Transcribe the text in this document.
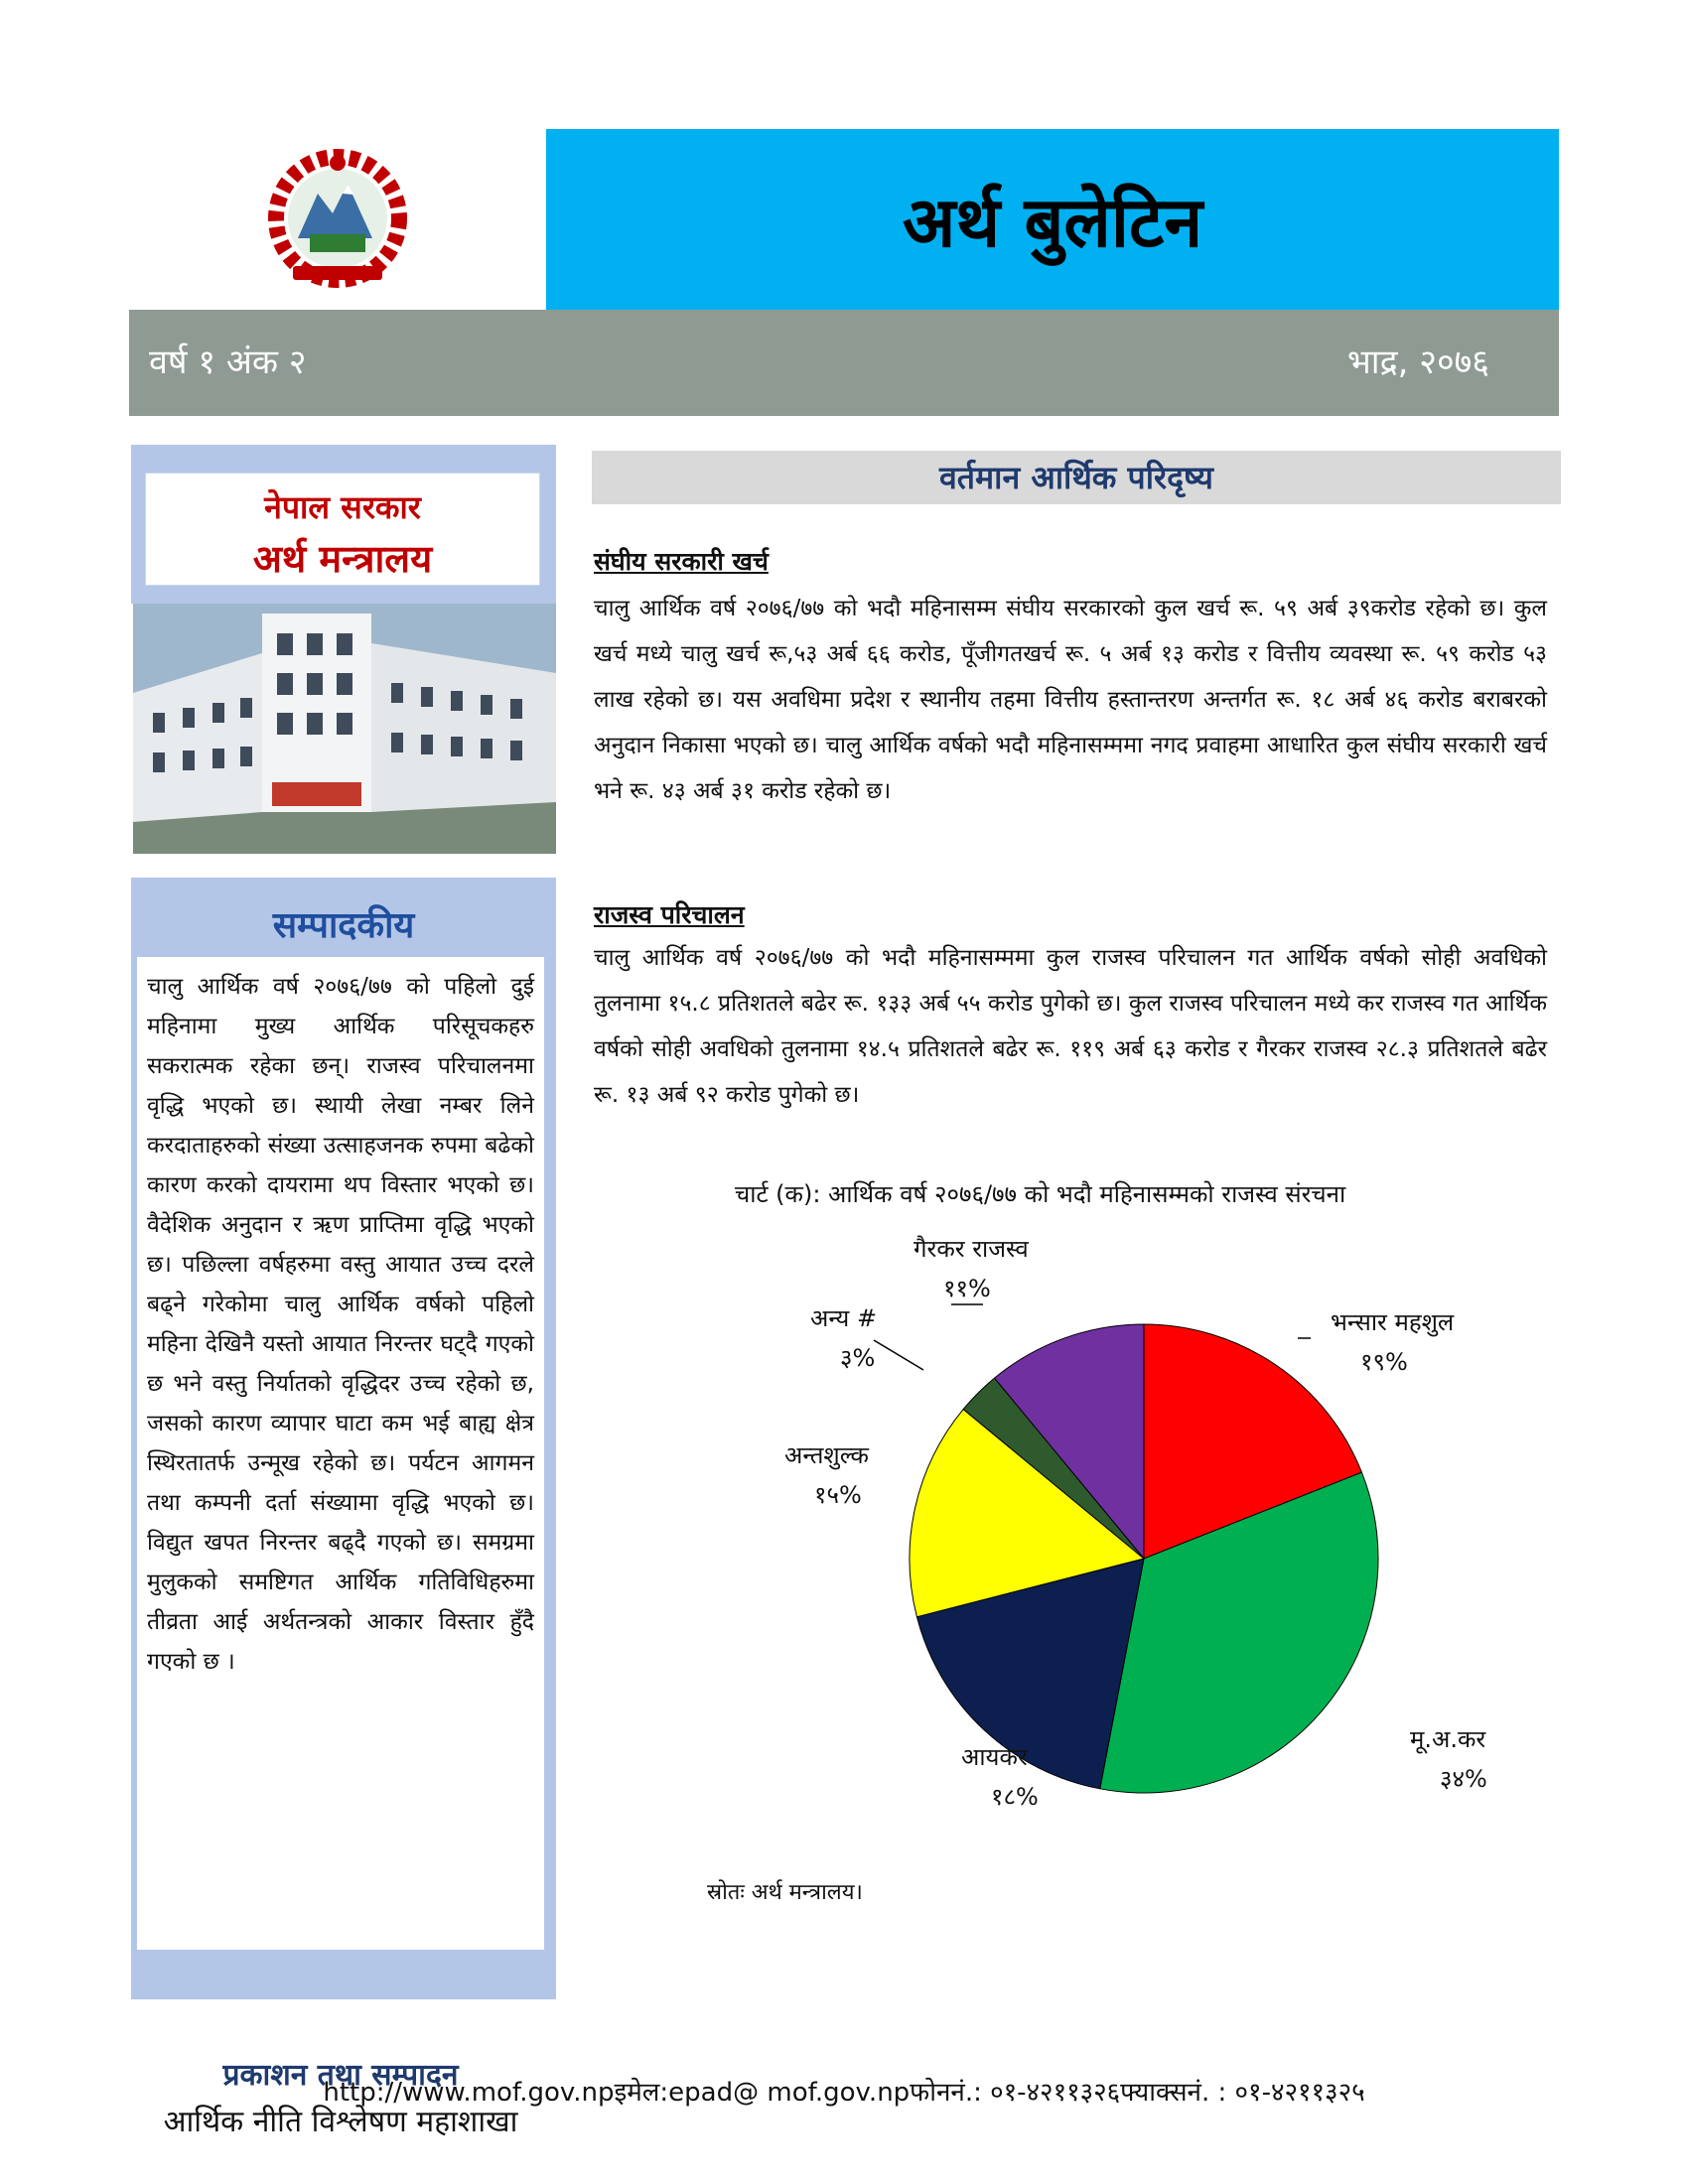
अर्थ बुलेटिन
वर्ष १ अंक २	भाद्र, २०७६
नेपाल सरकार
अर्थ मन्त्रालय
सम्पादकीय

चालु आर्थिक वर्ष २०७६/७७ को पहिलो दुई महिनामा मुख्य आर्थिक परिसूचकहरु सकरात्मक रहेका छन्। राजस्व परिचालनमा वृद्धि भएको छ। स्थायी लेखा नम्बर लिने करदाताहरुको संख्या उत्साहजनक रुपमा बढेको कारण करको दायरामा थप विस्तार भएको छ। वैदेशिक अनुदान र ऋण प्राप्तिमा वृद्धि भएको छ। पछिल्ला वर्षहरुमा वस्तु आयात उच्च दरले बढ्ने गरेकोमा चालु आर्थिक वर्षको पहिलो महिना देखिनै यस्तो आयात निरन्तर घट्दै गएको छ भने वस्तु निर्यातको वृद्धिदर उच्च रहेको छ, जसको कारण व्यापार घाटा कम भई बाह्य क्षेत्र स्थिरतातर्फ उन्मूख रहेको छ। पर्यटन आगमन तथा कम्पनी दर्ता संख्यामा वृद्धि भएको छ। विद्युत खपत निरन्तर बढ्दै गएको छ। समग्रमा मुलुकको समष्टिगत आर्थिक गतिविधिहरुमा तीव्रता आई अर्थतन्त्रको आकार विस्तार हुँदै गएको छ ।

प्रकाशन तथा सम्पादन
आर्थिक नीति विश्लेषण महाशाखा
वर्तमान आर्थिक परिदृष्य
संघीय सरकारी खर्च

चालु आर्थिक वर्ष २०७६/७७ को भदौ महिनासम्म संघीय सरकारको कुल खर्च रू. ५९ अर्ब ३९करोड रहेको छ। कुल खर्च मध्ये चालु खर्च रू,५३ अर्ब ६६ करोड, पूँजीगतखर्च रू. ५ अर्ब १३ करोड र वित्तीय व्यवस्था रू. ५९ करोड ५३ लाख रहेको छ। यस अवधिमा प्रदेश र स्थानीय तहमा वित्तीय हस्तान्तरण अन्तर्गत रू. १८ अर्ब ४६ करोड बराबरको अनुदान निकासा भएको छ। चालु आर्थिक वर्षको भदौ महिनासम्ममा नगद प्रवाहमा आधारित कुल संघीय सरकारी खर्च भने रू. ४३ अर्ब ३१ करोड रहेको छ।

राजस्व परिचालन

चालु आर्थिक वर्ष २०७६/७७ को भदौ महिनासम्ममा कुल राजस्व परिचालन गत आर्थिक वर्षको सोही अवधिको तुलनामा १५.८ प्रतिशतले बढेर रू. १३३ अर्ब ५५ करोड पुगेको छ। कुल राजस्व परिचालन मध्ये कर राजस्व गत आर्थिक वर्षको सोही अवधिको तुलनामा १४.५ प्रतिशतले बढेर रू. ११९ अर्ब ६३ करोड र गैरकर राजस्व २८.३ प्रतिशतले बढेर रू. १३ अर्ब ९२ करोड पुगेको छ।

चार्ट (क): आर्थिक वर्ष २०७६/७७ को भदौ महिनासम्मको राजस्व संरचना
भन्सार महशुल
१९%
मू.अ.कर
३४%
आयकर
१८%
अन्तशुल्क
१५%
अन्य #
३%
गैरकर राजस्व
११%
स्रोतः अर्थ मन्त्रालय।
http://www.mof.gov.npइमेल:epad@ mof.gov.npफोननं.: ०१-४२११३२६फ्याक्सनं. : ०१-४२११३२५
